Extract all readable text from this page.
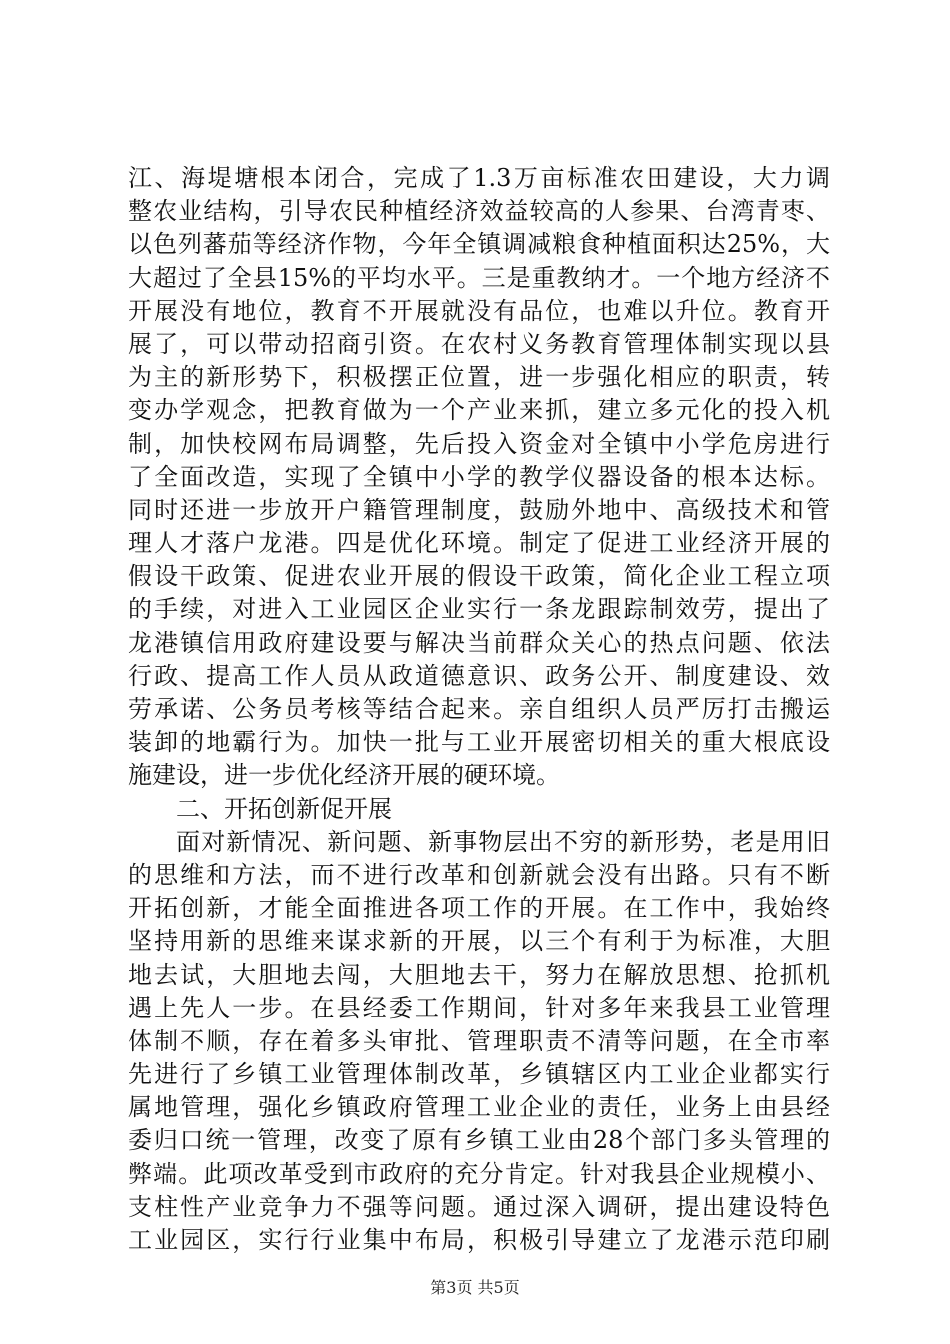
江、海堤塘根本闭合，完成了1.3万亩标准农田建设，大力调
整农业结构，引导农民种植经济效益较高的人参果、台湾青枣、
以色列蕃茄等经济作物，今年全镇调减粮食种植面积达25%，大
大超过了全县15%的平均水平。三是重教纳才。一个地方经济不
开展没有地位，教育不开展就没有品位，也难以升位。教育开
展了，可以带动招商引资。在农村义务教育管理体制实现以县
为主的新形势下，积极摆正位置，进一步强化相应的职责，转
变办学观念，把教育做为一个产业来抓，建立多元化的投入机
制，加快校网布局调整，先后投入资金对全镇中小学危房进行
了全面改造，实现了全镇中小学的教学仪器设备的根本达标。
同时还进一步放开户籍管理制度，鼓励外地中、高级技术和管
理人才落户龙港。四是优化环境。制定了促进工业经济开展的
假设干政策、促进农业开展的假设干政策，简化企业工程立项
的手续，对进入工业园区企业实行一条龙跟踪制效劳，提出了
龙港镇信用政府建设要与解决当前群众关心的热点问题、依法
行政、提高工作人员从政道德意识、政务公开、制度建设、效
劳承诺、公务员考核等结合起来。亲自组织人员严厉打击搬运
装卸的地霸行为。加快一批与工业开展密切相关的重大根底设
施建设，进一步优化经济开展的硬环境。
二、开拓创新促开展
面对新情况、新问题、新事物层出不穷的新形势，老是用旧
的思维和方法，而不进行改革和创新就会没有出路。只有不断
开拓创新，才能全面推进各项工作的开展。在工作中，我始终
坚持用新的思维来谋求新的开展，以三个有利于为标准，大胆
地去试，大胆地去闯，大胆地去干，努力在解放思想、抢抓机
遇上先人一步。在县经委工作期间，针对多年来我县工业管理
体制不顺，存在着多头审批、管理职责不清等问题，在全市率
先进行了乡镇工业管理体制改革，乡镇辖区内工业企业都实行
属地管理，强化乡镇政府管理工业企业的责任，业务上由县经
委归口统一管理，改变了原有乡镇工业由28个部门多头管理的
弊端。此项改革受到市政府的充分肯定。针对我县企业规模小、
支柱性产业竞争力不强等问题。通过深入调研，提出建设特色
工业园区，实行行业集中布局，积极引导建立了龙港示范印刷
第3页 共5页
